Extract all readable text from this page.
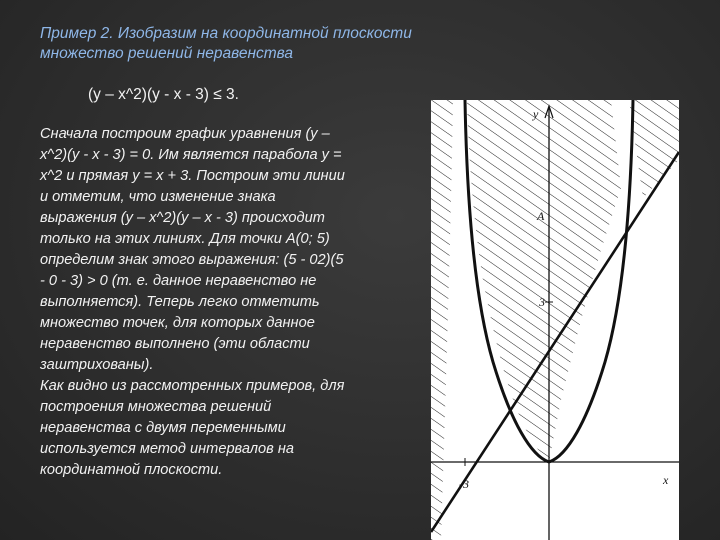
Пример 2. Изобразим на координатной плоскости
множество решений неравенства
(y – x^2)(y - x - 3) ≤ 3.
Сначала построим график уравнения (y –
x^2)(y - x - 3) = 0. Им является парабола y =
x^2 и прямая y = x + 3. Построим эти линии
и отметим, что изменение знака
выражения (y – x^2)(y – x - 3) происходит
только на этих линиях. Для точки А(0; 5)
определим знак этого выражения: (5 - 02)(5
- 0 - 3) > 0 (т. е. данное неравенство не
выполняется). Теперь легко отметить
множество точек, для которых данное
неравенство выполнено (эти области
заштрихованы).
Как видно из рассмотренных примеров, для
построения множества решений
неравенства с двумя переменными
используется метод интервалов на
координатной плоскости.
y
x
A
3
-3
